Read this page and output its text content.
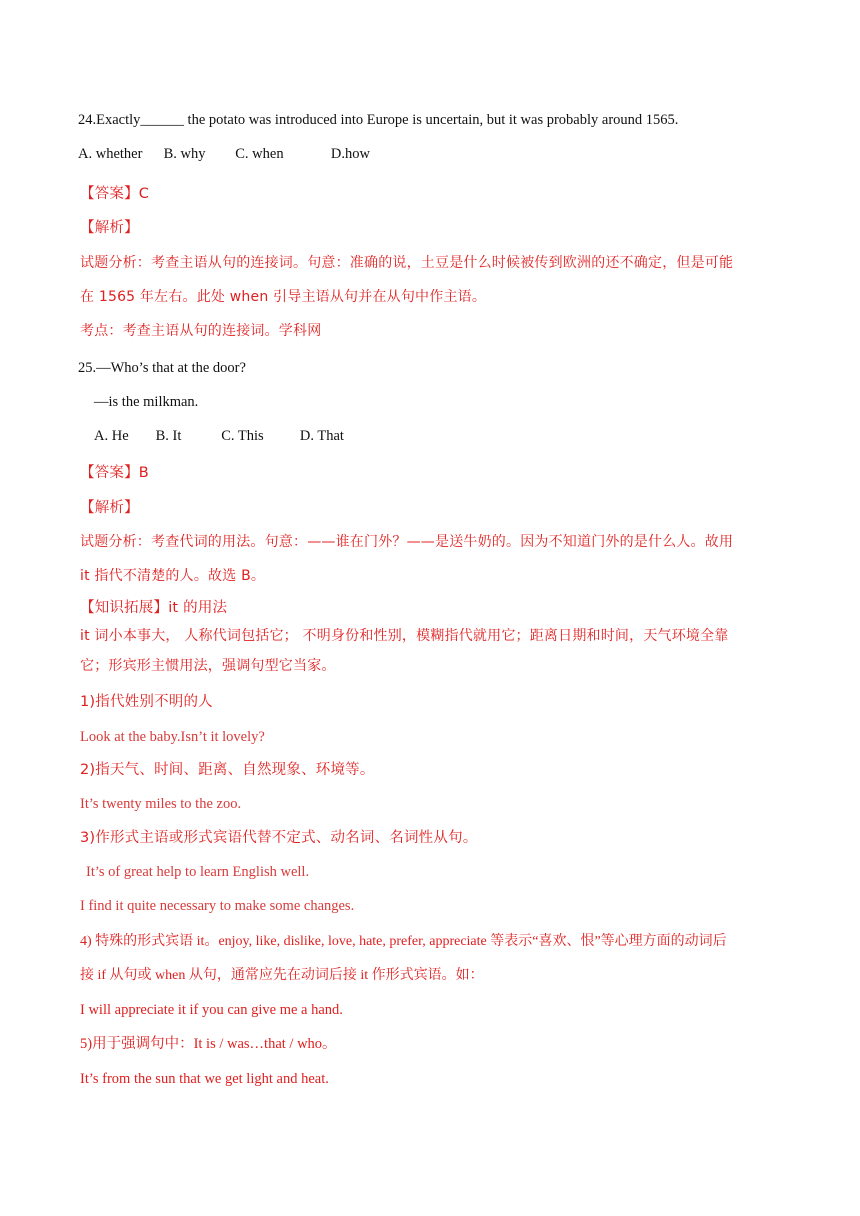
24.Exactly______ the potato was introduced into Europe is uncertain, but it was probably around 1565.
A. whether B. why C. when	D.how
【答案】C
【解析】
试题分析：考查主语从句的连接词。句意：准确的说，土豆是什么时候被传到欧洲的还不确定，但是可能
在 1565 年左右。此处 when 引导主语从句并在从句中作主语。
考点：考查主语从句的连接词。学科网
25.—Who’s that at the door?
—is the milkman.
A. He B. It	C. This D. That
【答案】B
【解析】
试题分析：考查代词的用法。句意：——谁在门外？——是送牛奶的。因为不知道门外的是什么人。故用
it 指代不清楚的人。故选 B。
【知识拓展】it 的用法
it 词小本事大， 人称代词包括它； 不明身份和性别，模糊指代就用它；距离日期和时间，天气环境全靠
它；形宾形主惯用法，强调句型它当家。
1)指代姓别不明的人
Look at the baby.Isn’t it lovely?
2)指天气、时间、距离、自然现象、环境等。
It’s twenty miles to the zoo.
3)作形式主语或形式宾语代替不定式、动名词、名词性从句。
It’s of great help to learn English well.
I find it quite necessary to make some changes.
4) 特殊的形式宾语 it。enjoy, like, dislike, love, hate, prefer, appreciate 等表示“喜欢、恨”等心理方面的动词后
接 if 从句或 when 从句，通常应先在动词后接 it 作形式宾语。如：
I will appreciate it if you can give me a hand.
5)用于强调句中：It is / was…that / who。
It’s from the sun that we get light and heat.
